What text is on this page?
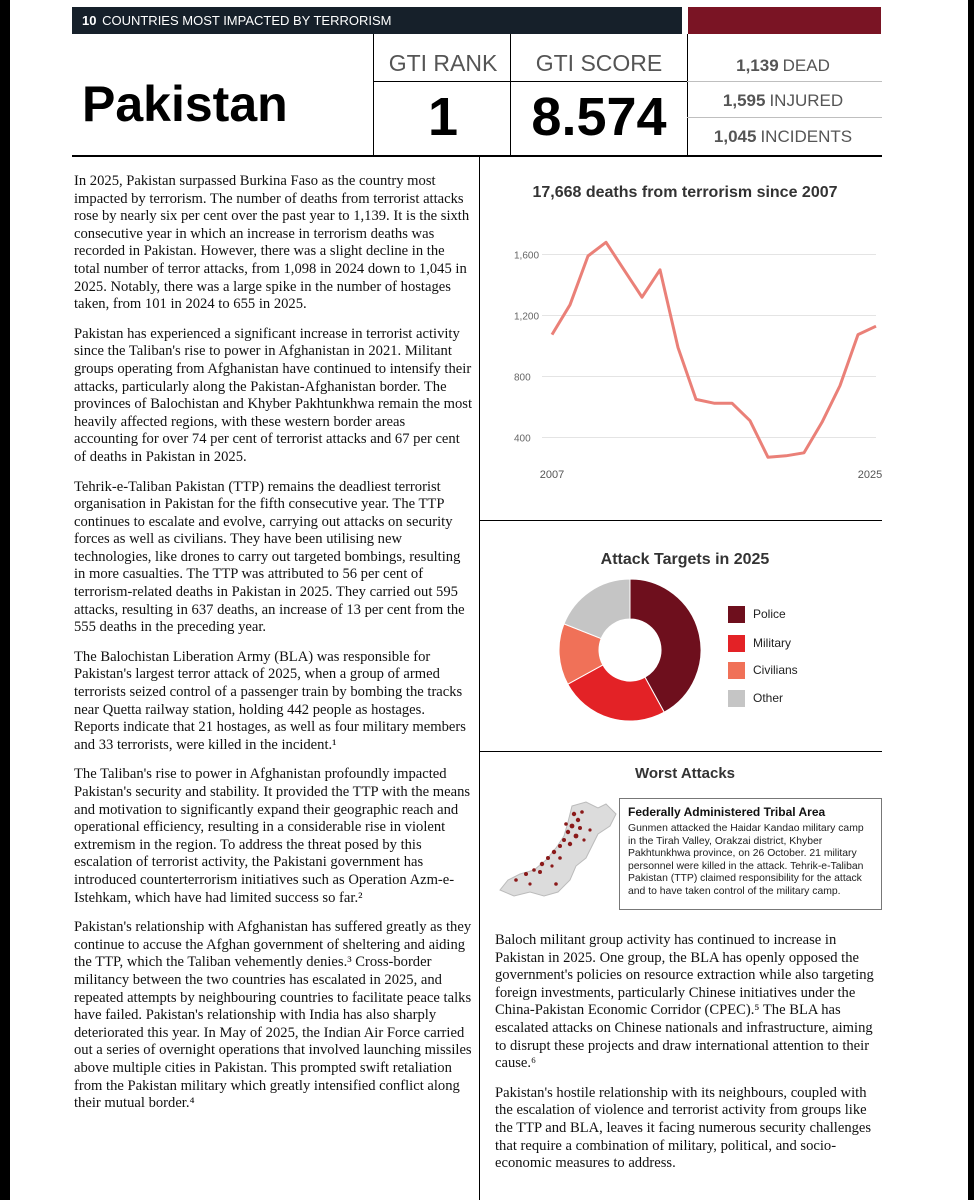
10 COUNTRIES MOST IMPACTED BY TERRORISM
Pakistan
GTI RANK
1
GTI SCORE
8.574
1,139 DEAD
1,595 INJURED
1,045 INCIDENTS

In 2025, Pakistan surpassed Burkina Faso as the country most impacted by terrorism. The number of deaths from terrorist attacks rose by nearly six per cent over the past year to 1,139. It is the sixth consecutive year in which an increase in terrorism deaths was recorded in Pakistan. However, there was a slight decline in the total number of terror attacks, from 1,098 in 2024 down to 1,045 in 2025. Notably, there was a large spike in the number of hostages taken, from 101 in 2024 to 655 in 2025.

Pakistan has experienced a significant increase in terrorist activity since the Taliban's rise to power in Afghanistan in 2021. Militant groups operating from Afghanistan have continued to intensify their attacks, particularly along the Pakistan-Afghanistan border. The provinces of Balochistan and Khyber Pakhtunkhwa remain the most heavily affected regions, with these western border areas accounting for over 74 per cent of terrorist attacks and 67 per cent of deaths in Pakistan in 2025.

Tehrik-e-Taliban Pakistan (TTP) remains the deadliest terrorist organisation in Pakistan for the fifth consecutive year. The TTP continues to escalate and evolve, carrying out attacks on security forces as well as civilians. They have been utilising new technologies, like drones to carry out targeted bombings, resulting in more casualties. The TTP was attributed to 56 per cent of terrorism-related deaths in Pakistan in 2025. They carried out 595 attacks, resulting in 637 deaths, an increase of 13 per cent from the 555 deaths in the preceding year.

The Balochistan Liberation Army (BLA) was responsible for Pakistan's largest terror attack of 2025, when a group of armed terrorists seized control of a passenger train by bombing the tracks near Quetta railway station, holding 442 people as hostages. Reports indicate that 21 hostages, as well as four military members and 33 terrorists, were killed in the incident.¹

The Taliban's rise to power in Afghanistan profoundly impacted Pakistan's security and stability. It provided the TTP with the means and motivation to significantly expand their geographic reach and operational efficiency, resulting in a considerable rise in violent extremism in the region. To address the threat posed by this escalation of terrorist activity, the Pakistani government has introduced counterterrorism initiatives such as Operation Azm-e-Istehkam, which have had limited success so far.²

Pakistan's relationship with Afghanistan has suffered greatly as they continue to accuse the Afghan government of sheltering and aiding the TTP, which the Taliban vehemently denies.³ Cross-border militancy between the two countries has escalated in 2025, and repeated attempts by neighbouring countries to facilitate peace talks have failed. Pakistan's relationship with India has also sharply deteriorated this year. In May of 2025, the Indian Air Force carried out a series of overnight operations that involved launching missiles above multiple cities in Pakistan. This prompted swift retaliation from the Pakistan military which greatly intensified conflict along their mutual border.⁴

17,668 deaths from terrorism since 2007
400
800
1,200
1,600
2007	2025
Attack Targets in 2025
Police
Military
Civilians
Other
Worst Attacks
Federally Administered Tribal Area
Gunmen attacked the Haidar Kandao military camp in the Tirah Valley, Orakzai district, Khyber Pakhtunkhwa province, on 26 October. 21 military personnel were killed in the attack. Tehrik-e-Taliban Pakistan (TTP) claimed responsibility for the attack and to have taken control of the military camp.

Baloch militant group activity has continued to increase in Pakistan in 2025. One group, the BLA has openly opposed the government's policies on resource extraction while also targeting foreign investments, particularly Chinese initiatives under the China-Pakistan Economic Corridor (CPEC).⁵ The BLA has escalated attacks on Chinese nationals and infrastructure, aiming to disrupt these projects and draw international attention to their cause.⁶

Pakistan's hostile relationship with its neighbours, coupled with the escalation of violence and terrorist activity from groups like the TTP and BLA, leaves it facing numerous security challenges that require a combination of military, political, and socio-economic measures to address.
